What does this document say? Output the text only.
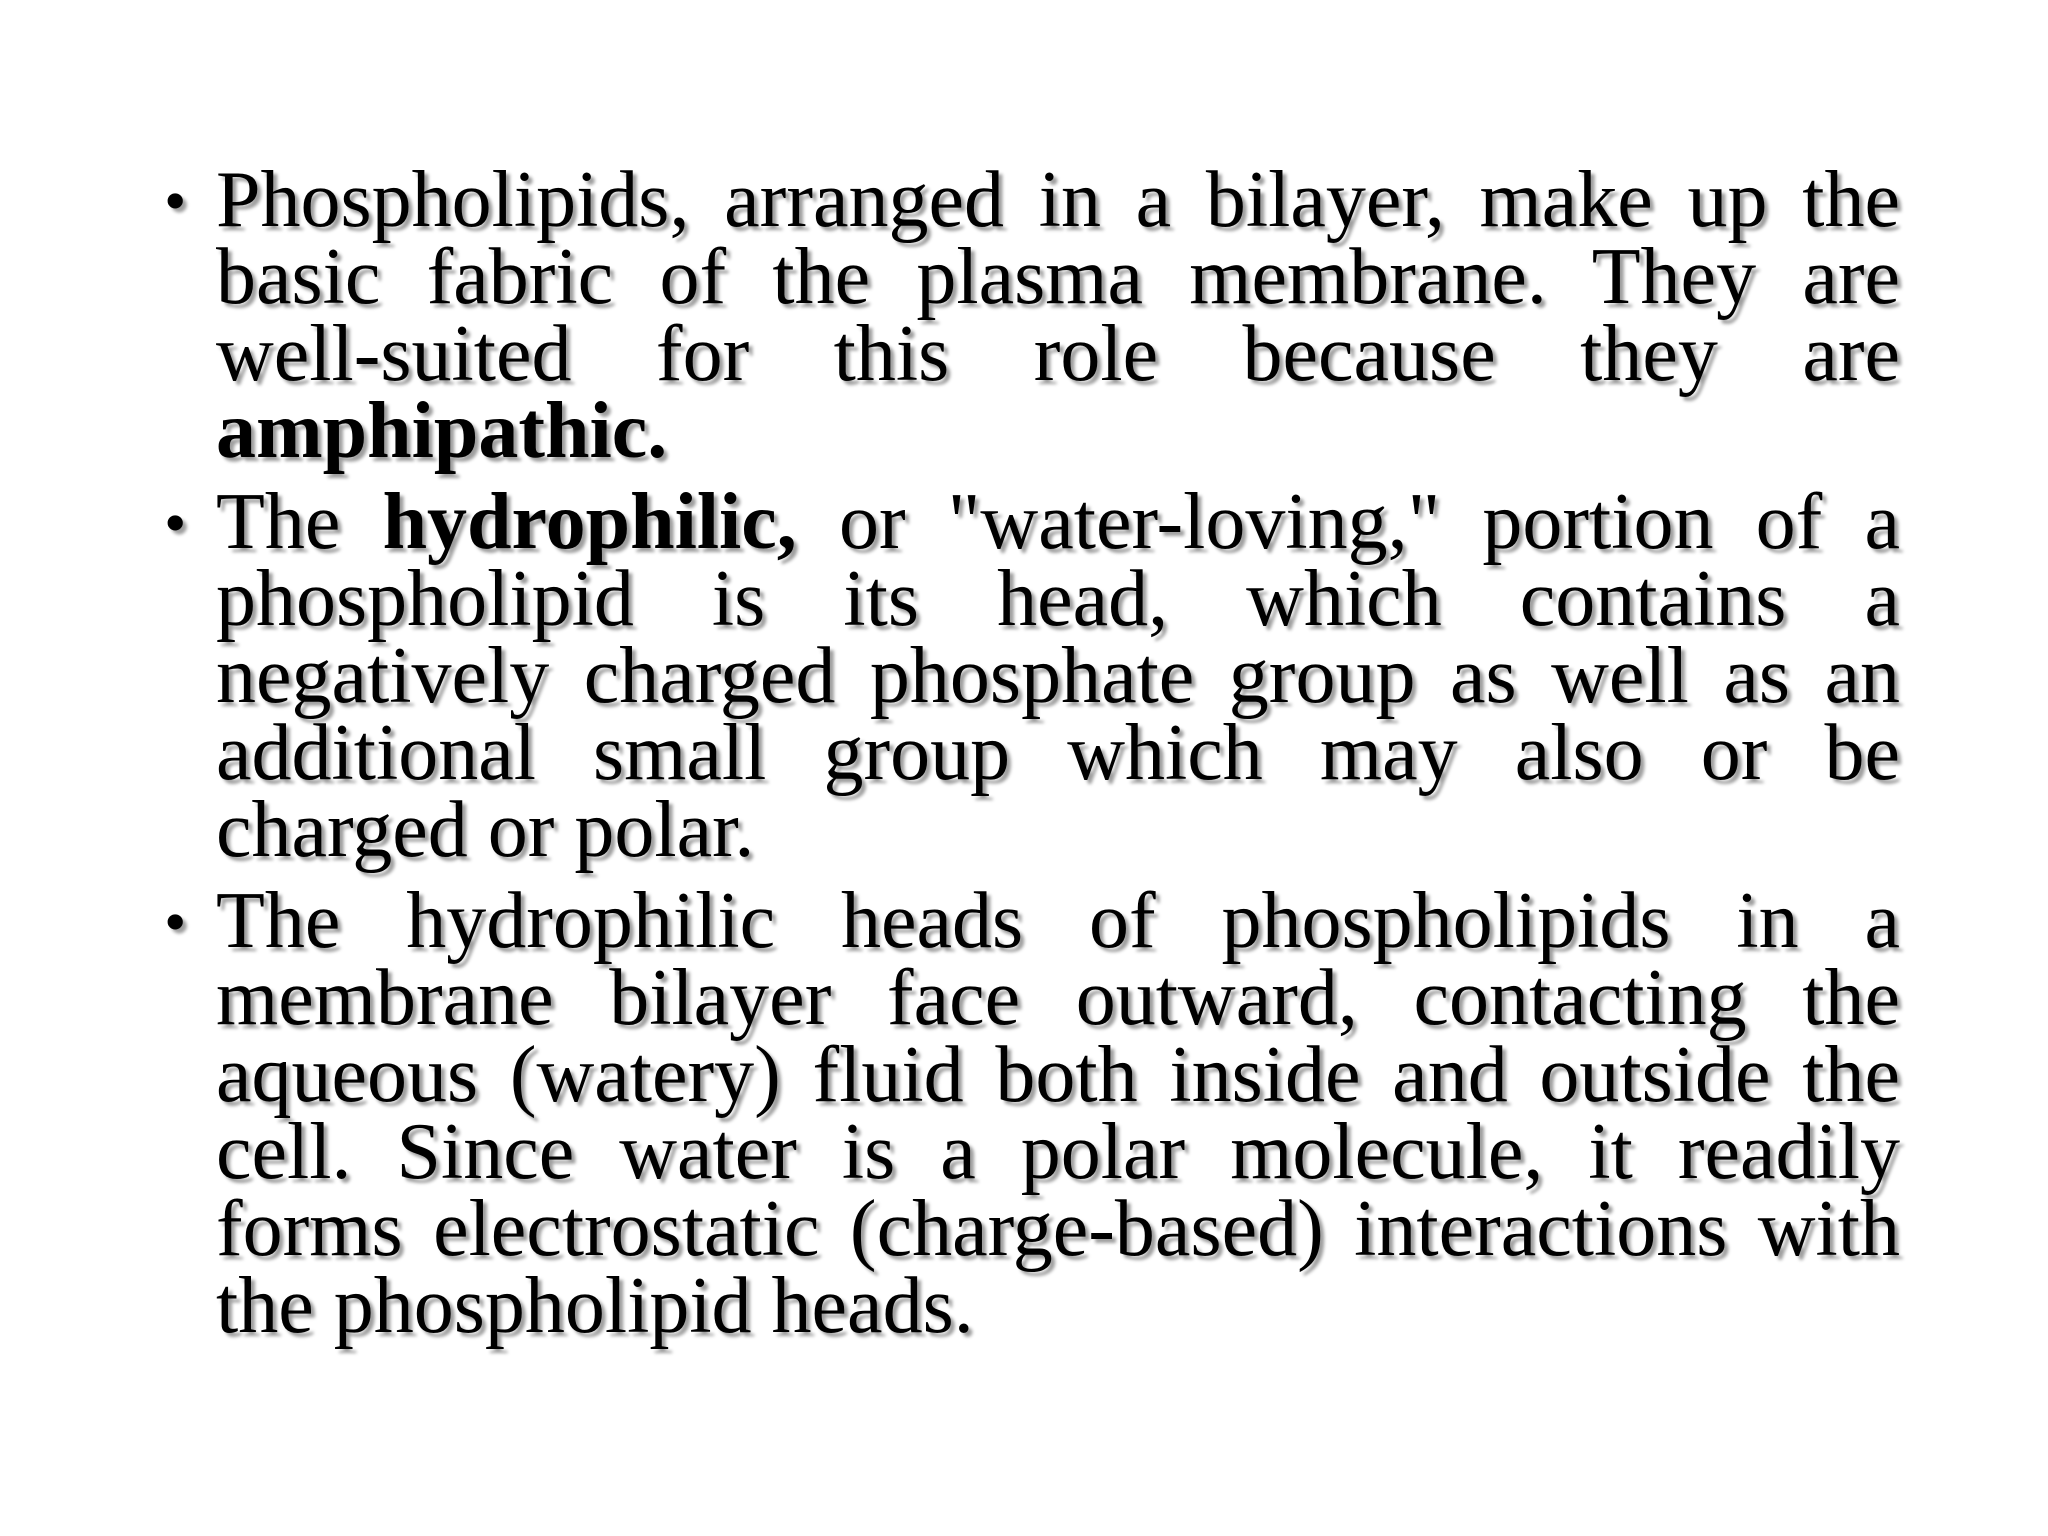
• Phospholipids, arranged in a bilayer, make up the basic fabric of the plasma membrane. They are well-suited for this role because they are amphipathic.
• The hydrophilic, or "water-loving," portion of a phospholipid is its head, which contains a negatively charged phosphate group as well as an additional small group which may also or be charged or polar.
• The hydrophilic heads of phospholipids in a membrane bilayer face outward, contacting the aqueous (watery) fluid both inside and outside the cell. Since water is a polar molecule, it readily forms electrostatic (charge-based) interactions with the phospholipid heads.
